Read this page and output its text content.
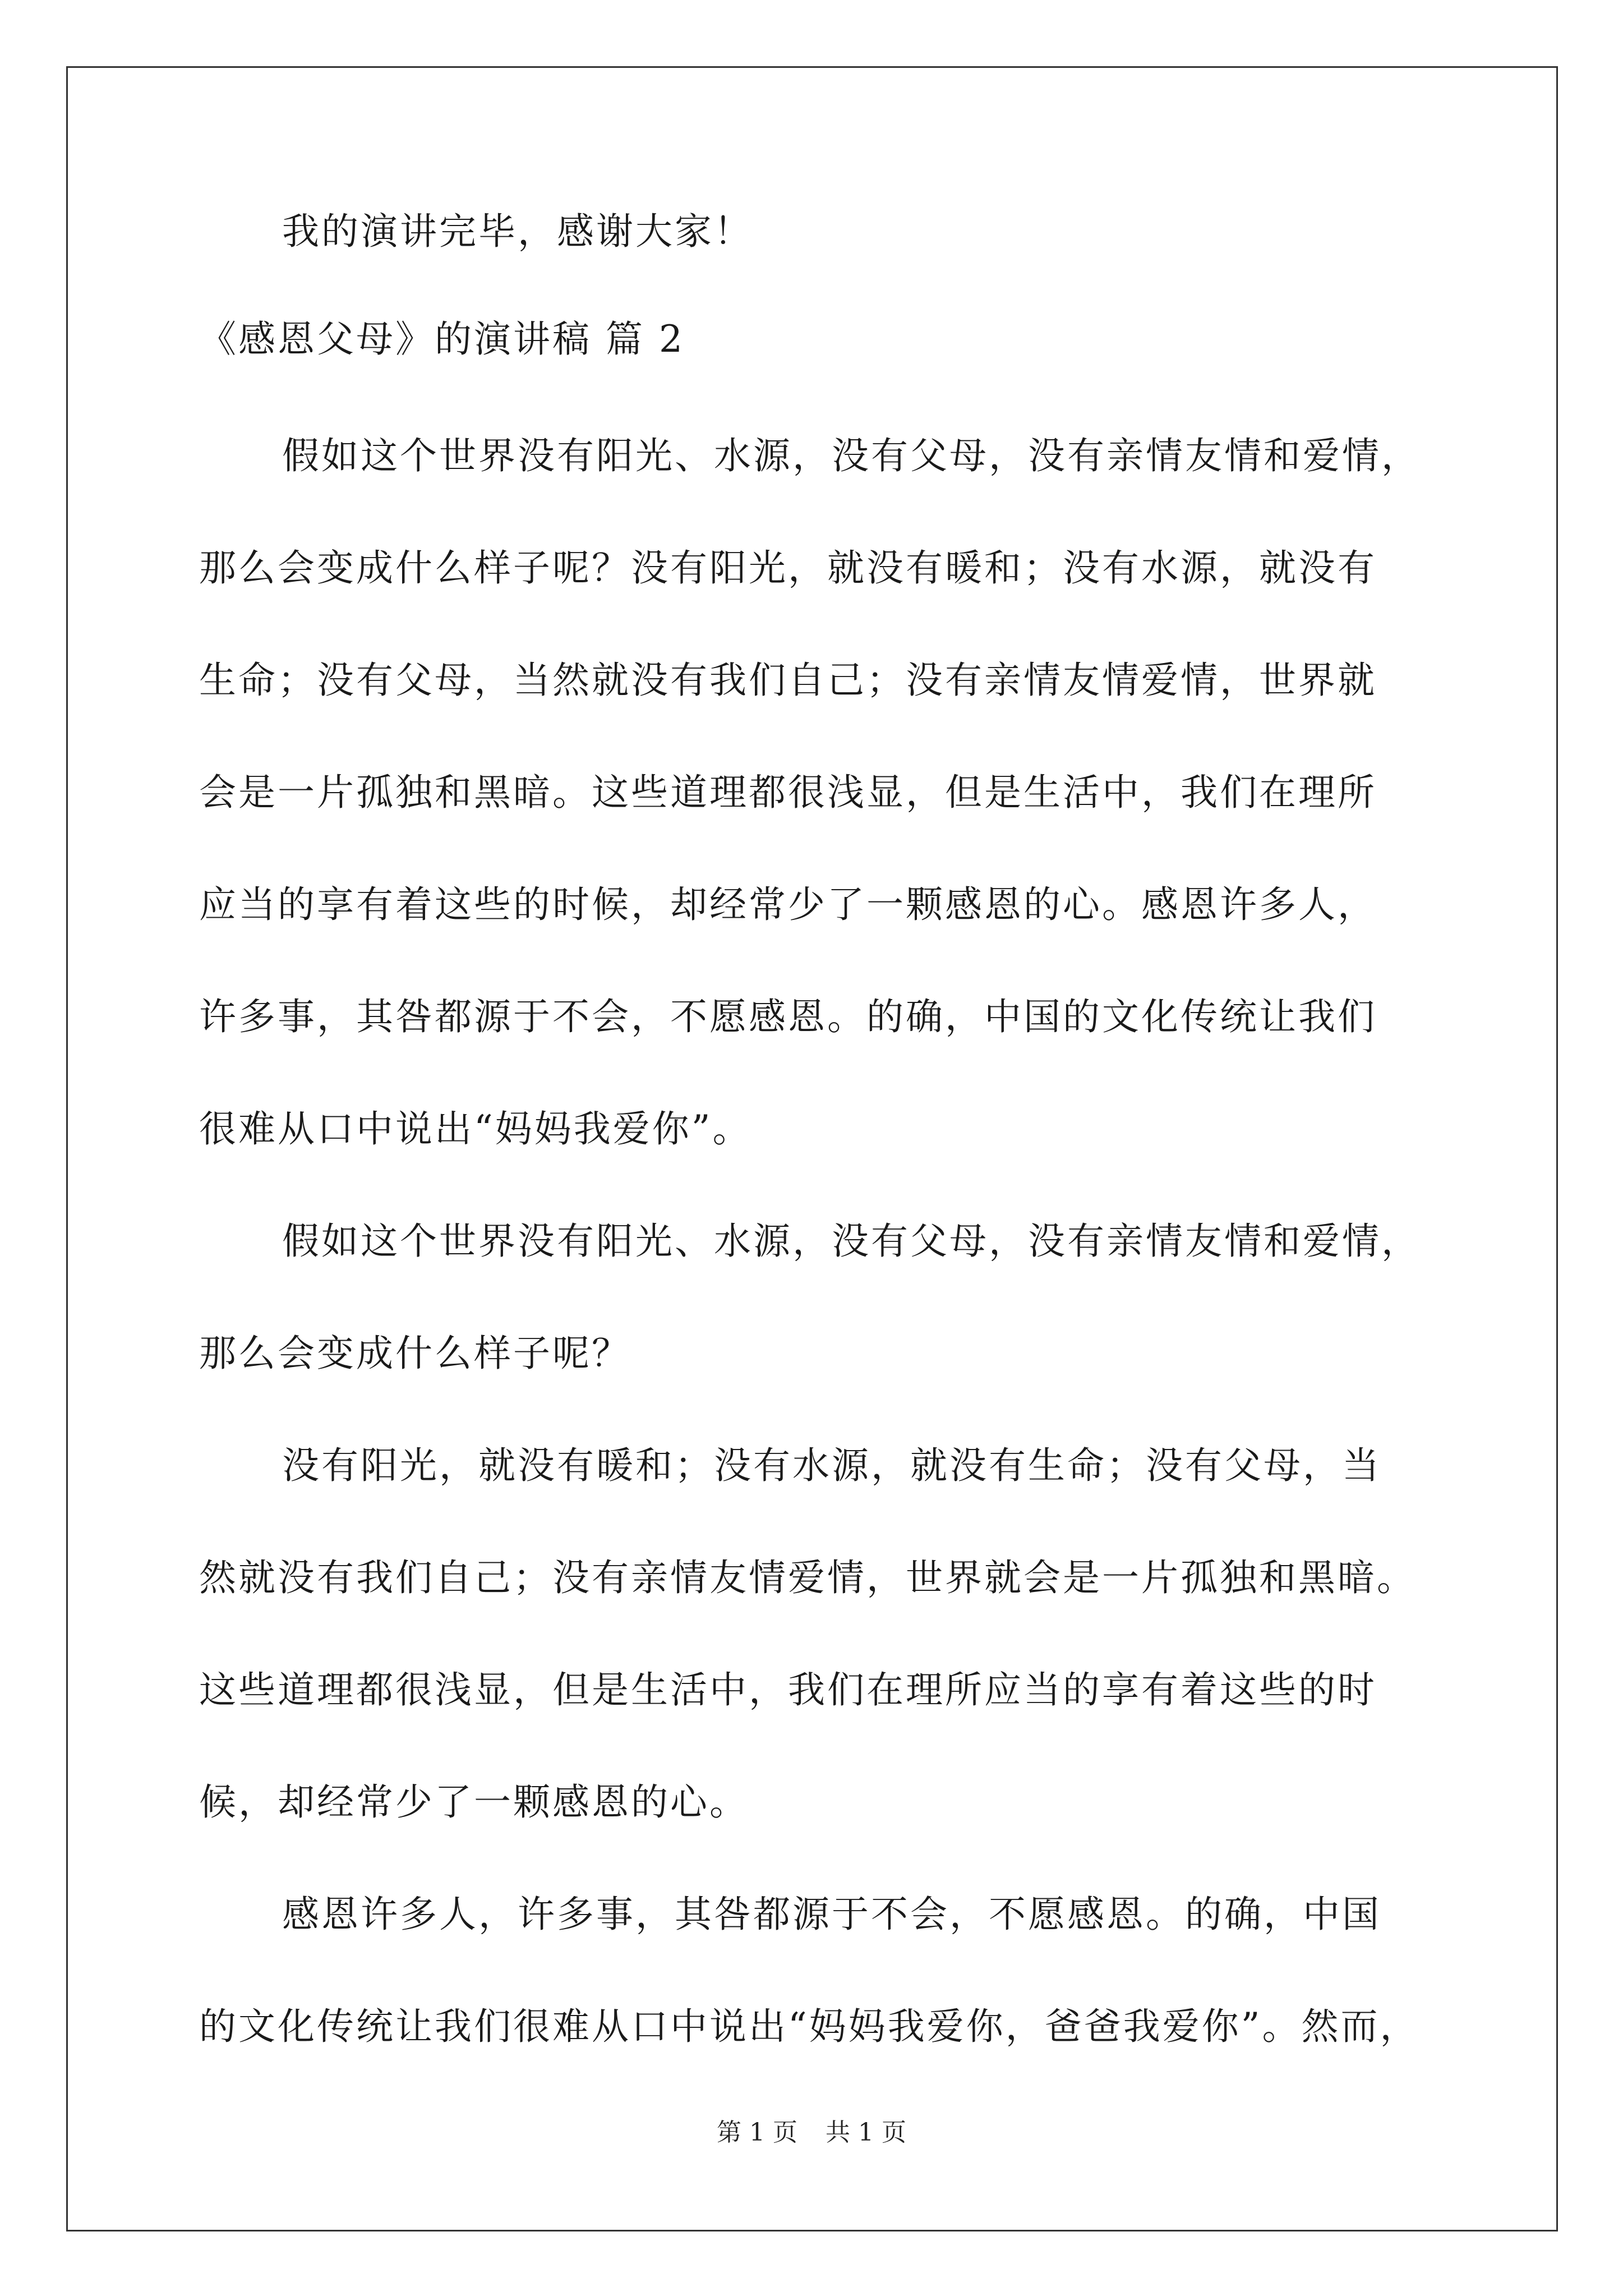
我的演讲完毕，感谢大家！
《感恩父母》的演讲稿 篇 2
假如这个世界没有阳光、水源，没有父母，没有亲情友情和爱情，
那么会变成什么样子呢？没有阳光，就没有暖和；没有水源，就没有
生命；没有父母，当然就没有我们自己；没有亲情友情爱情，世界就
会是一片孤独和黑暗。这些道理都很浅显，但是生活中，我们在理所
应当的享有着这些的时候，却经常少了一颗感恩的心。感恩许多人，
许多事，其咎都源于不会，不愿感恩。的确，中国的文化传统让我们
很难从口中说出“妈妈我爱你”。
假如这个世界没有阳光、水源，没有父母，没有亲情友情和爱情，
那么会变成什么样子呢？
没有阳光，就没有暖和；没有水源，就没有生命；没有父母，当
然就没有我们自己；没有亲情友情爱情，世界就会是一片孤独和黑暗。
这些道理都很浅显，但是生活中，我们在理所应当的享有着这些的时
候，却经常少了一颗感恩的心。
感恩许多人，许多事，其咎都源于不会，不愿感恩。的确，中国
的文化传统让我们很难从口中说出“妈妈我爱你，爸爸我爱你”。然而，
第 1 页 共 1 页
